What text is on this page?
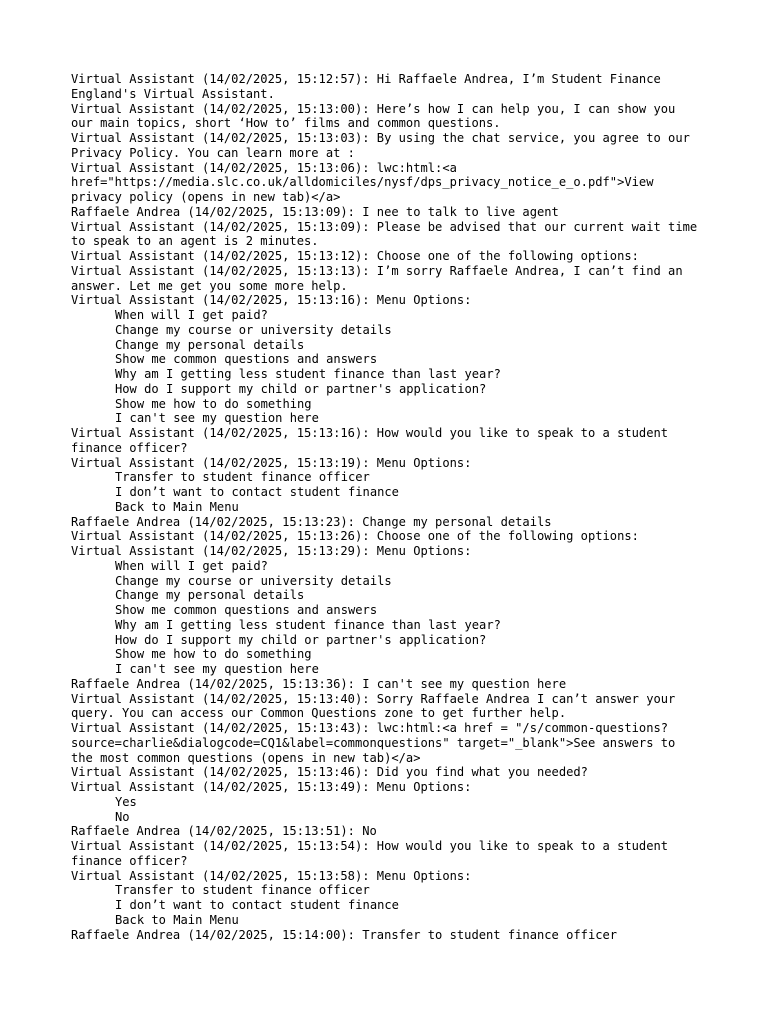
Virtual Assistant (14/02/2025, 15:12:57): Hi Raffaele Andrea, I’m Student Finance England's Virtual Assistant.

Virtual Assistant (14/02/2025, 15:13:00): Here’s how I can help you, I can show you our main topics, short ‘How to’ films and common questions.

Virtual Assistant (14/02/2025, 15:13:03): By using the chat service, you agree to our Privacy Policy. You can learn more at :

Virtual Assistant (14/02/2025, 15:13:06): lwc:html:<a href="https://media.slc.co.uk/alldomiciles/nysf/dps_privacy_notice_e_o.pdf">View privacy policy (opens in new tab)</a>

Raffaele Andrea (14/02/2025, 15:13:09): I nee to talk to live agent

Virtual Assistant (14/02/2025, 15:13:09): Please be advised that our current wait time to speak to an agent is 2 minutes.

Virtual Assistant (14/02/2025, 15:13:12): Choose one of the following options:

Virtual Assistant (14/02/2025, 15:13:13): I’m sorry Raffaele Andrea, I can’t find an answer. Let me get you some more help.

Virtual Assistant (14/02/2025, 15:13:16): Menu Options:

When will I get paid?

Change my course or university details

Change my personal details

Show me common questions and answers

Why am I getting less student finance than last year?

How do I support my child or partner's application?

Show me how to do something

I can't see my question here

Virtual Assistant (14/02/2025, 15:13:16): How would you like to speak to a student finance officer?

Virtual Assistant (14/02/2025, 15:13:19): Menu Options:

Transfer to student finance officer

I don’t want to contact student finance

Back to Main Menu

Raffaele Andrea (14/02/2025, 15:13:23): Change my personal details

Virtual Assistant (14/02/2025, 15:13:26): Choose one of the following options:

Virtual Assistant (14/02/2025, 15:13:29): Menu Options:

When will I get paid?

Change my course or university details

Change my personal details

Show me common questions and answers

Why am I getting less student finance than last year?

How do I support my child or partner's application?

Show me how to do something

I can't see my question here

Raffaele Andrea (14/02/2025, 15:13:36): I can't see my question here

Virtual Assistant (14/02/2025, 15:13:40): Sorry Raffaele Andrea I can’t answer your query. You can access our Common Questions zone to get further help.

Virtual Assistant (14/02/2025, 15:13:43): lwc:html:<a href = "/s/common-questions?source=charlie&dialogcode=CQ1&label=commonquestions" target="_blank">See answers to the most common questions (opens in new tab)</a>

Virtual Assistant (14/02/2025, 15:13:46): Did you find what you needed?

Virtual Assistant (14/02/2025, 15:13:49): Menu Options:

Yes

No

Raffaele Andrea (14/02/2025, 15:13:51): No

Virtual Assistant (14/02/2025, 15:13:54): How would you like to speak to a student finance officer?

Virtual Assistant (14/02/2025, 15:13:58): Menu Options:

Transfer to student finance officer

I don’t want to contact student finance

Back to Main Menu

Raffaele Andrea (14/02/2025, 15:14:00): Transfer to student finance officer
